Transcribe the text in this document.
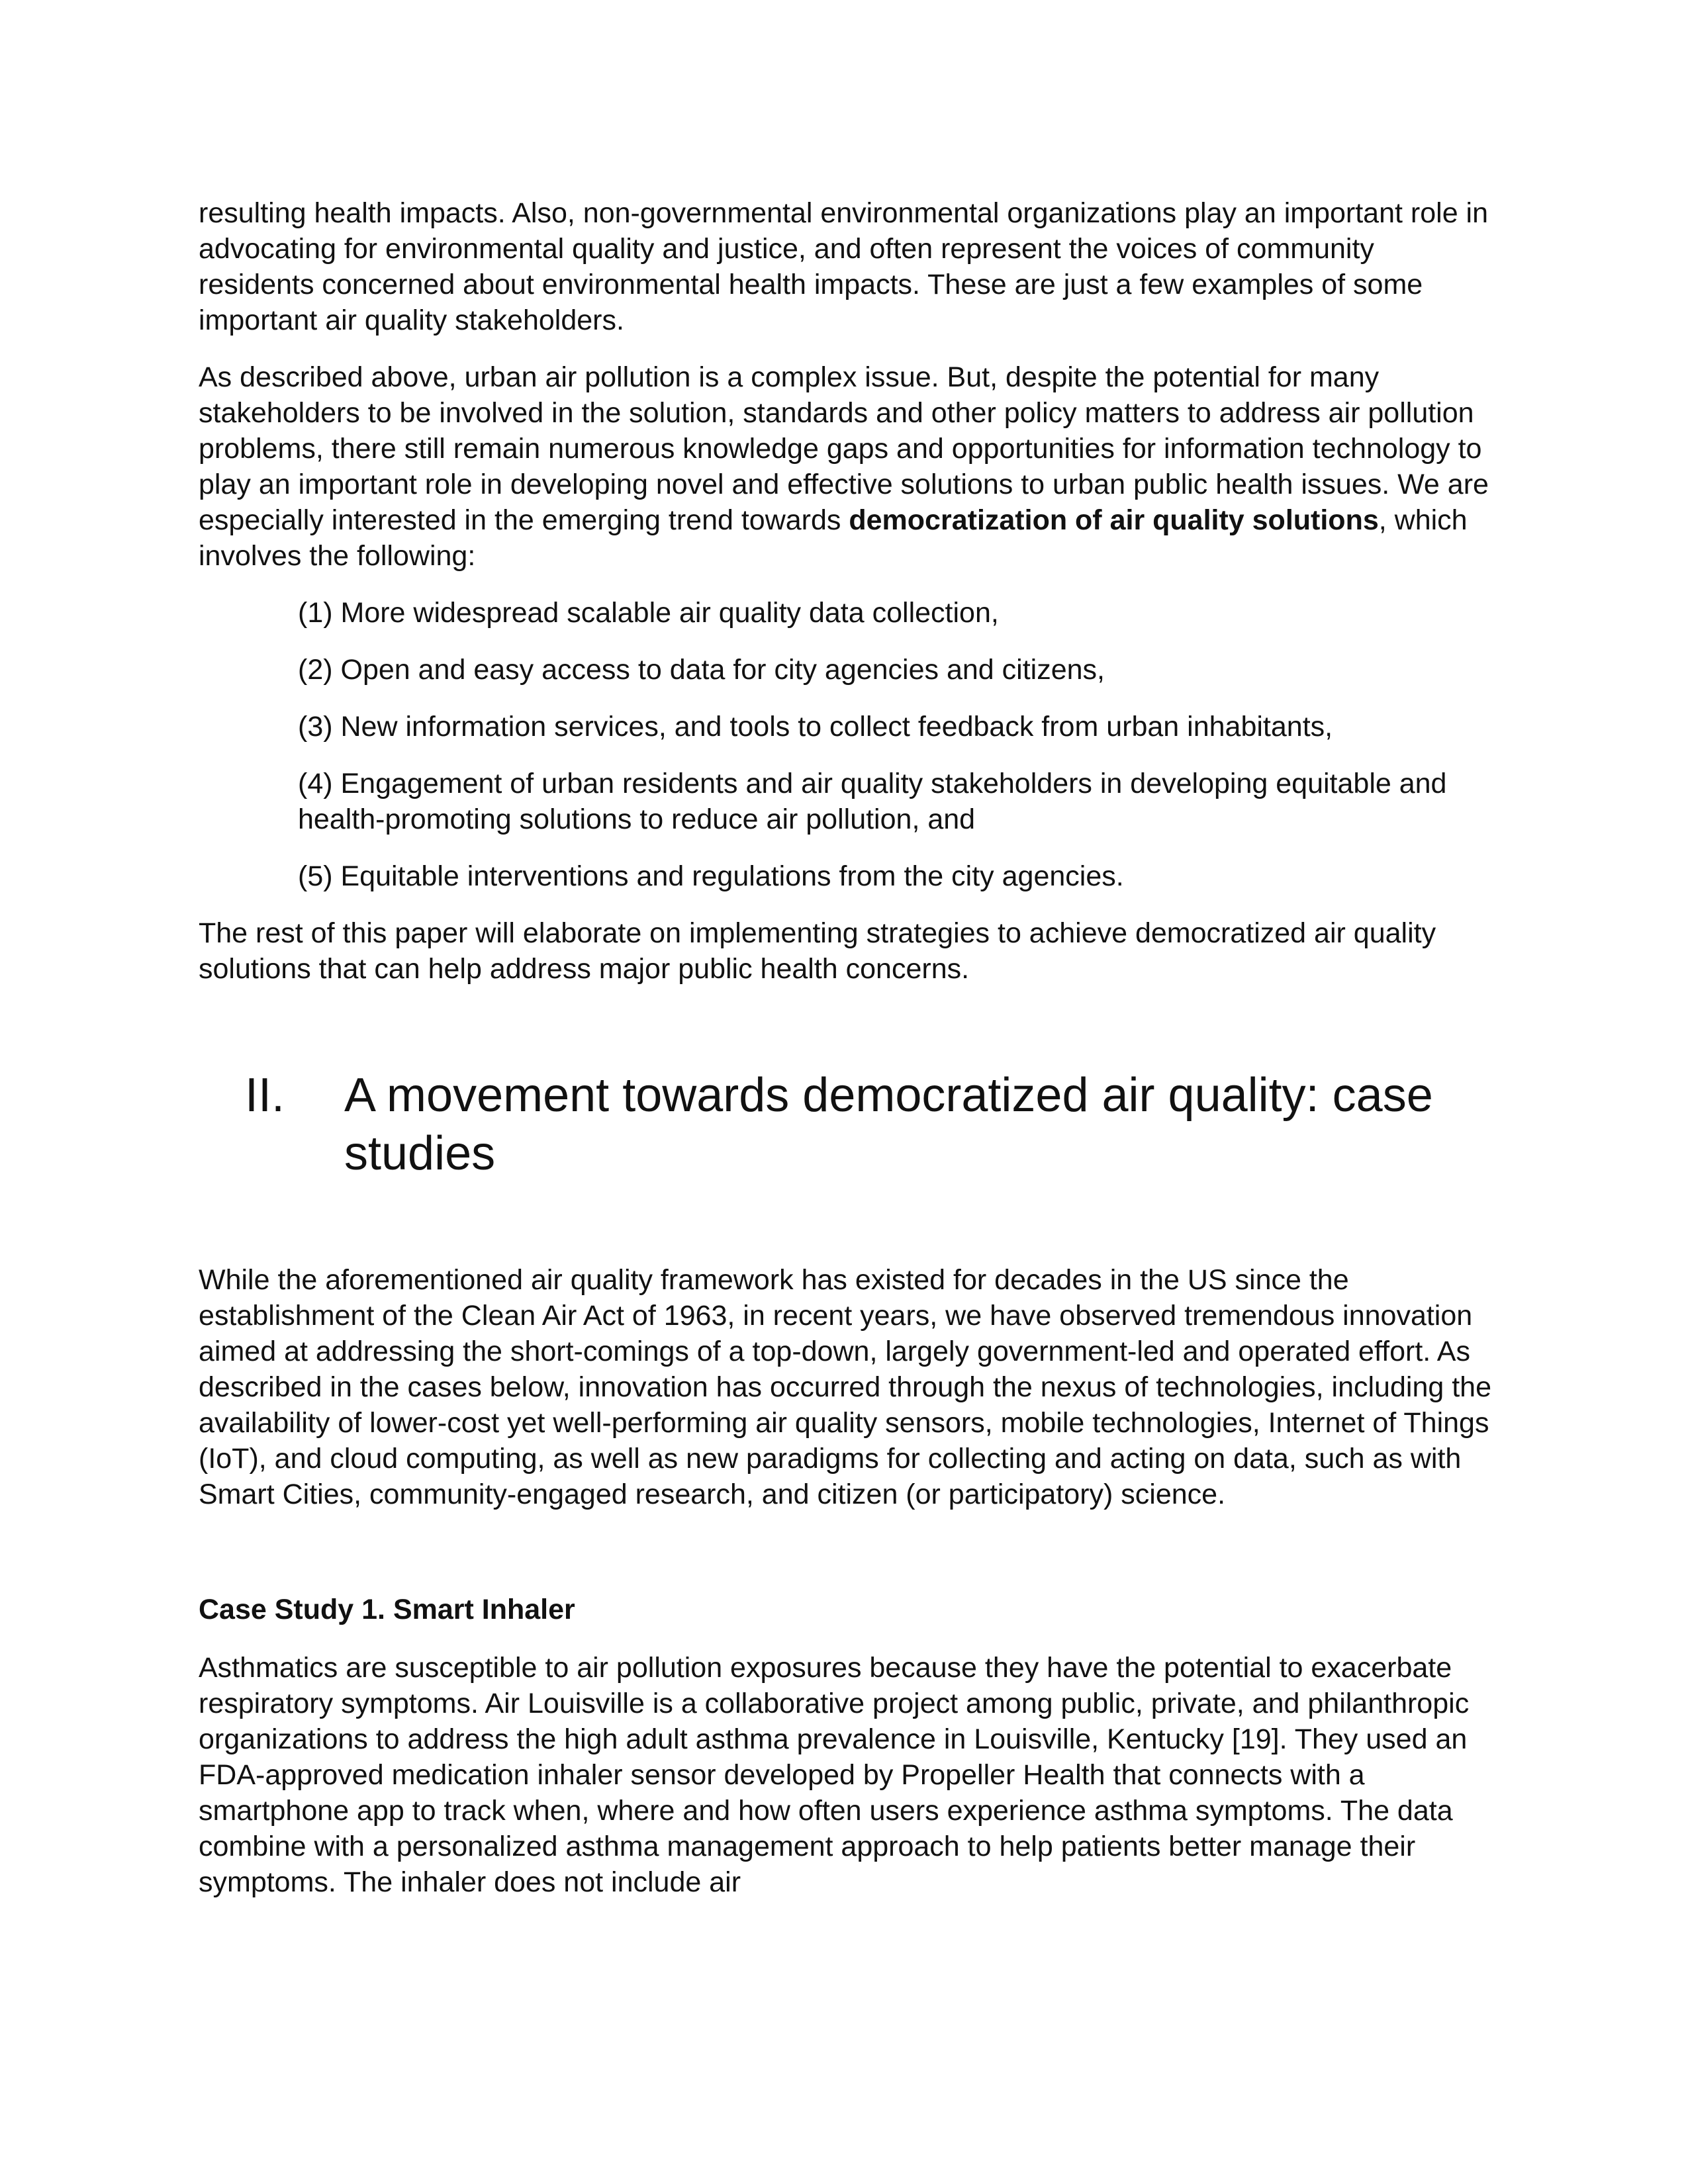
resulting health impacts. Also, non-governmental environmental organizations play an important role in advocating for environmental quality and justice, and often represent the voices of community residents concerned about environmental health impacts. These are just a few examples of some important air quality stakeholders.

As described above, urban air pollution is a complex issue. But, despite the potential for many stakeholders to be involved in the solution, standards and other policy matters to address air pollution problems, there still remain numerous knowledge gaps and opportunities for information technology to play an important role in developing novel and effective solutions to urban public health issues. We are especially interested in the emerging trend towards democratization of air quality solutions, which involves the following:

(1) More widespread scalable air quality data collection,

(2) Open and easy access to data for city agencies and citizens,

(3) New information services, and tools to collect feedback from urban inhabitants,

(4) Engagement of urban residents and air quality stakeholders in developing equitable and health-promoting solutions to reduce air pollution, and

(5) Equitable interventions and regulations from the city agencies.

The rest of this paper will elaborate on implementing strategies to achieve democratized air quality solutions that can help address major public health concerns.

II.	A movement towards democratized air quality: case studies

While the aforementioned air quality framework has existed for decades in the US since the establishment of the Clean Air Act of 1963, in recent years, we have observed tremendous innovation aimed at addressing the short-comings of a top-down, largely government-led and operated effort. As described in the cases below, innovation has occurred through the nexus of technologies, including the availability of lower-cost yet well-performing air quality sensors, mobile technologies, Internet of Things (IoT), and cloud computing, as well as new paradigms for collecting and acting on data, such as with Smart Cities, community-engaged research, and citizen (or participatory) science.

Case Study 1. Smart Inhaler

Asthmatics are susceptible to air pollution exposures because they have the potential to exacerbate respiratory symptoms. Air Louisville is a collaborative project among public, private, and philanthropic organizations to address the high adult asthma prevalence in Louisville, Kentucky [19]. They used an FDA-approved medication inhaler sensor developed by Propeller Health that connects with a smartphone app to track when, where and how often users experience asthma symptoms. The data combine with a personalized asthma management approach to help patients better manage their symptoms. The inhaler does not include air
